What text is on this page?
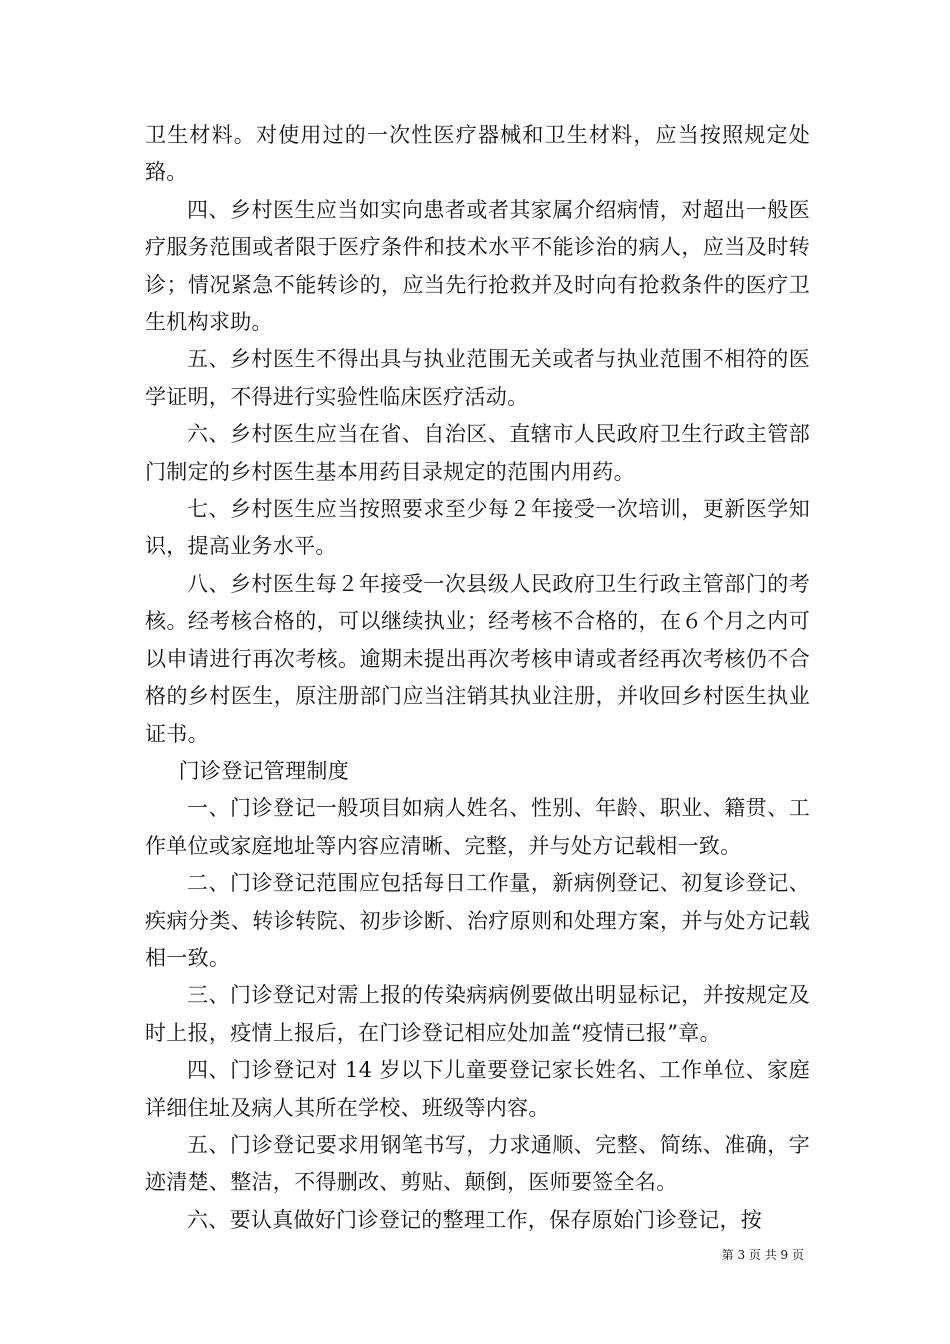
卫生材料。对使用过的一次性医疗器械和卫生材料，应当按照规定处臵。

四、乡村医生应当如实向患者或者其家属介绍病情，对超出一般医疗服务范围或者限于医疗条件和技术水平不能诊治的病人，应当及时转诊；情况紧急不能转诊的，应当先行抢救并及时向有抢救条件的医疗卫生机构求助。

五、乡村医生不得出具与执业范围无关或者与执业范围不相符的医学证明，不得进行实验性临床医疗活动。

六、乡村医生应当在省、自治区、直辖市人民政府卫生行政主管部门制定的乡村医生基本用药目录规定的范围内用药。

七、乡村医生应当按照要求至少每２年接受一次培训，更新医学知识，提高业务水平。

八、乡村医生每２年接受一次县级人民政府卫生行政主管部门的考核。经考核合格的，可以继续执业；经考核不合格的，在６个月之内可以申请进行再次考核。逾期未提出再次考核申请或者经再次考核仍不合格的乡村医生，原注册部门应当注销其执业注册，并收回乡村医生执业证书。

门诊登记管理制度

一、门诊登记一般项目如病人姓名、性别、年龄、职业、籍贯、工作单位或家庭地址等内容应清晰、完整，并与处方记载相一致。

二、门诊登记范围应包括每日工作量，新病例登记、初复诊登记、疾病分类、转诊转院、初步诊断、治疗原则和处理方案，并与处方记载相一致。

三、门诊登记对需上报的传染病病例要做出明显标记，并按规定及时上报，疫情上报后，在门诊登记相应处加盖“疫情已报”章。

四、门诊登记对 14 岁以下儿童要登记家长姓名、工作单位、家庭详细住址及病人其所在学校、班级等内容。

五、门诊登记要求用钢笔书写，力求通顺、完整、简练、准确，字迹清楚、整洁，不得删改、剪贴、颠倒，医师要签全名。

六、要认真做好门诊登记的整理工作，保存原始门诊登记，按

第 3 页 共 9 页
